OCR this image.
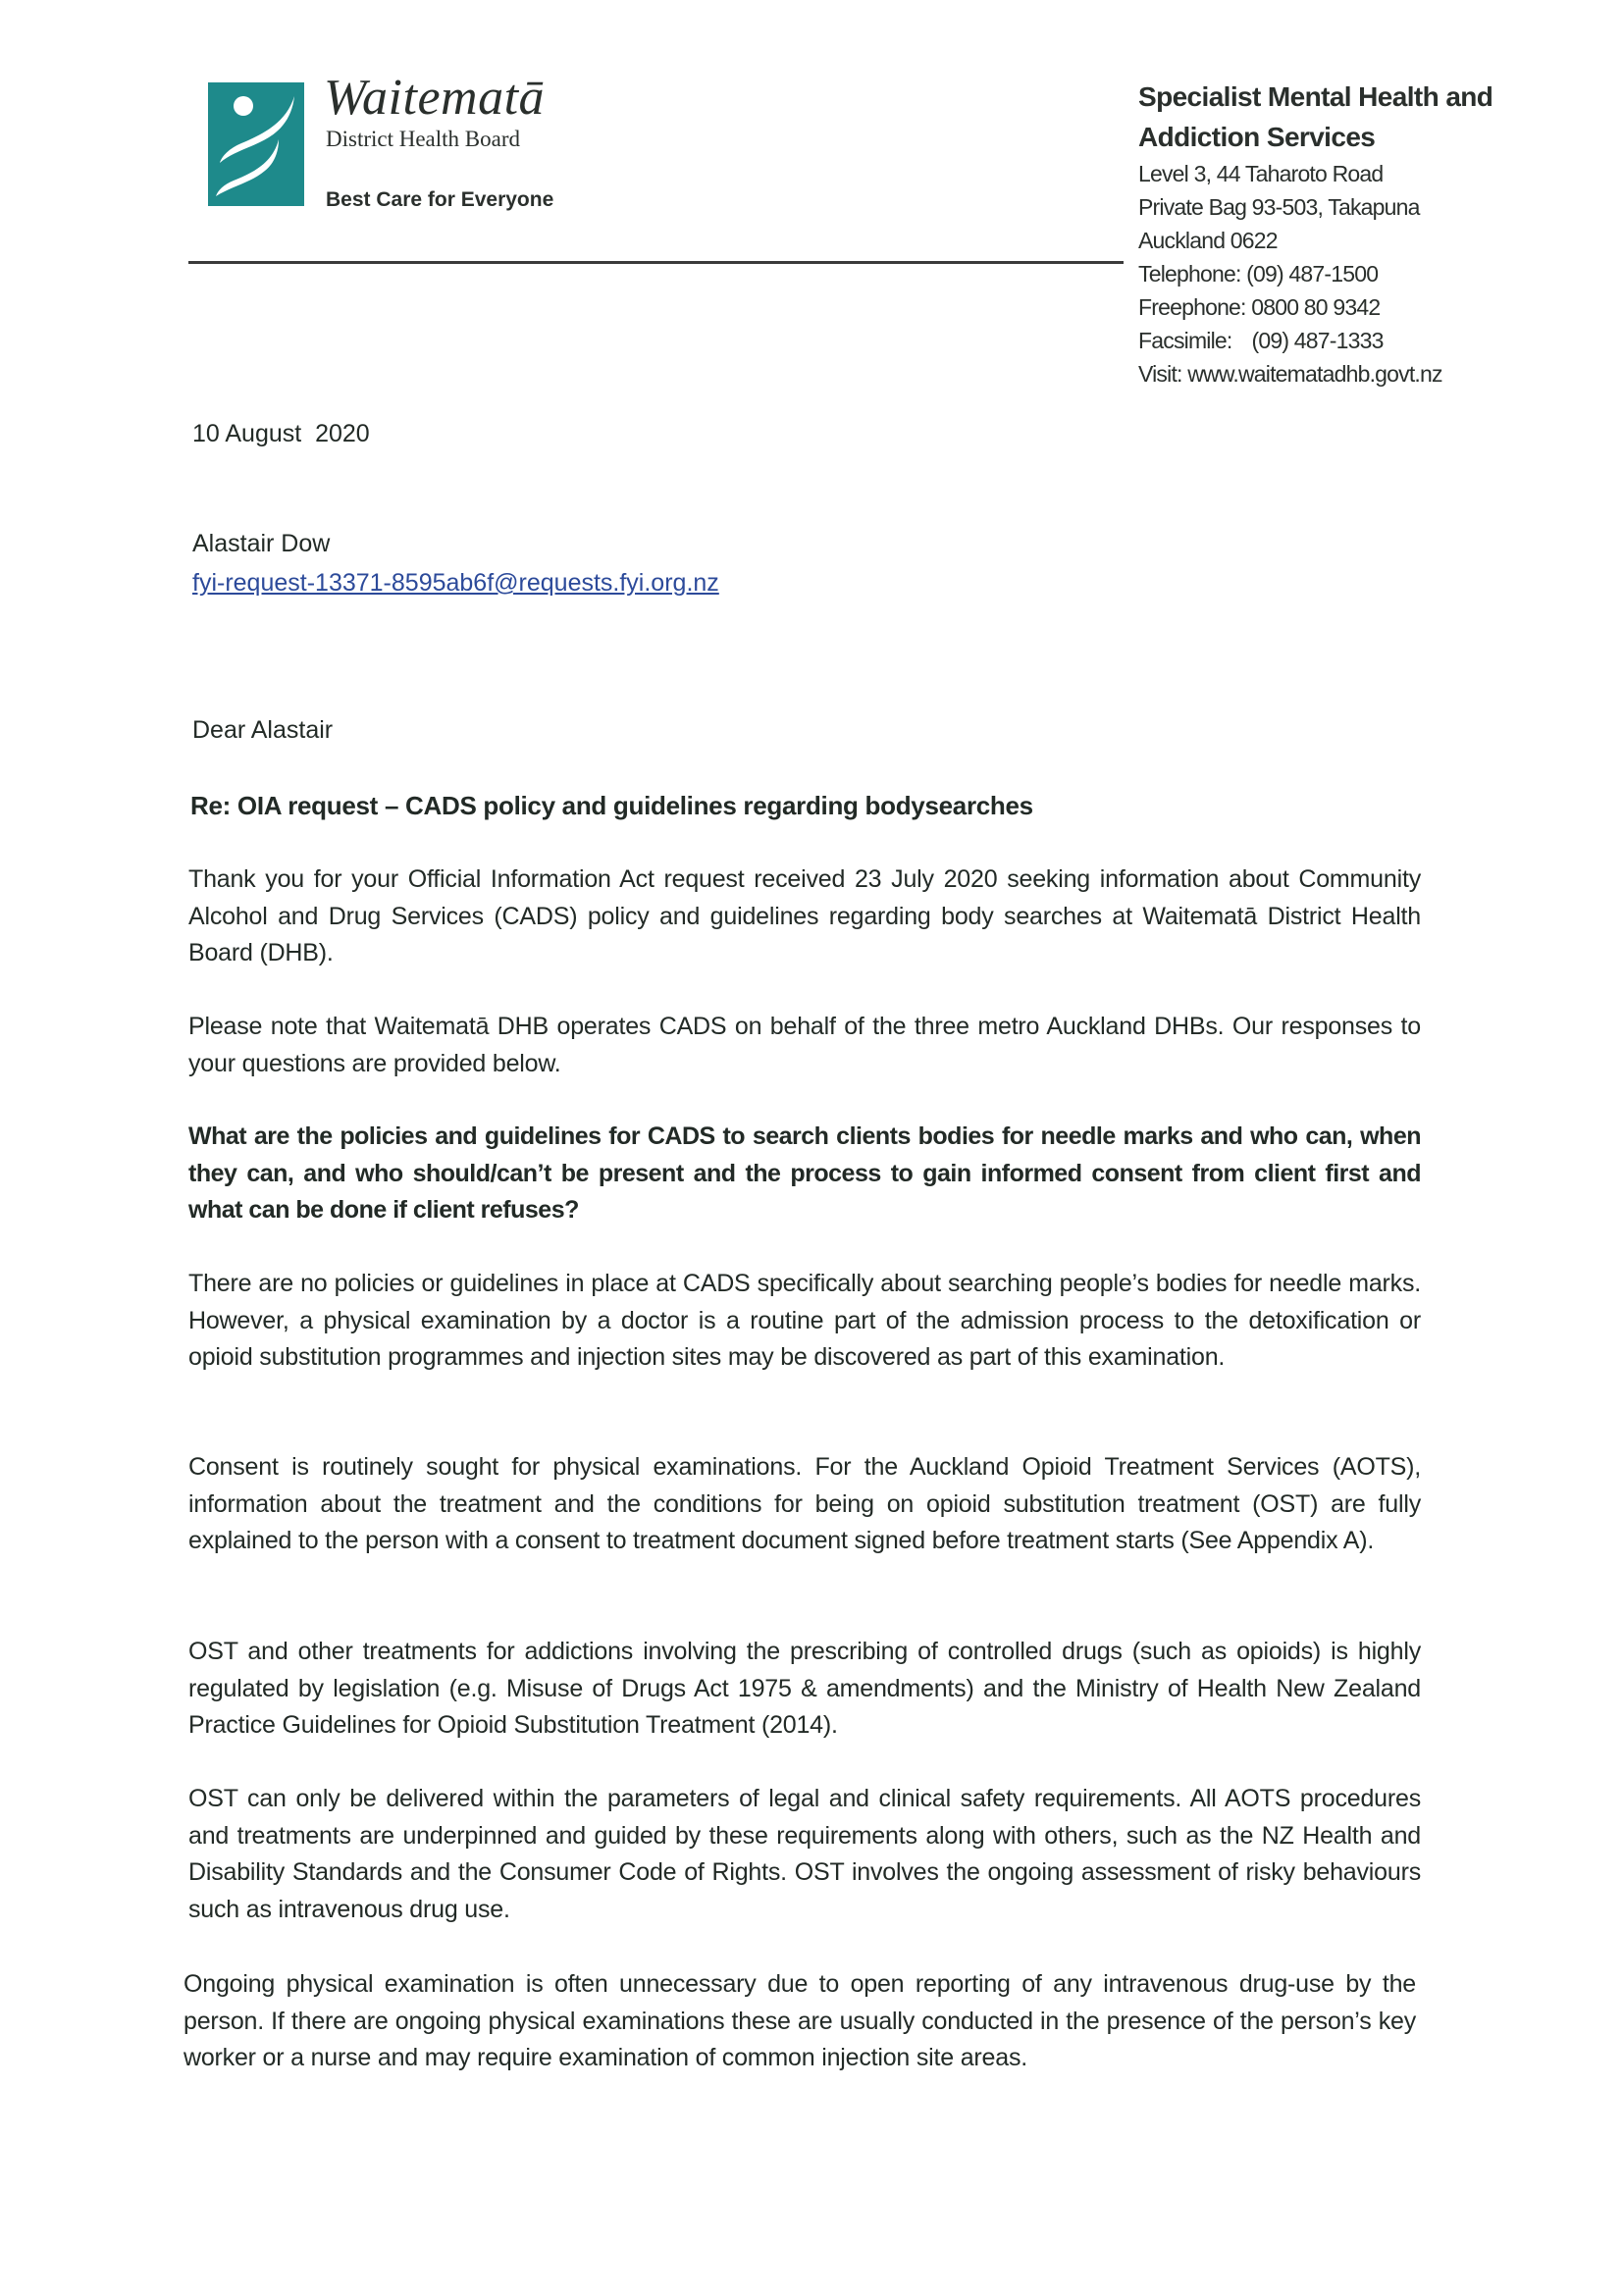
Waitematā
District Health Board
Best Care for Everyone
Specialist Mental Health and
Addiction Services
Level 3, 44 Taharoto Road
Private Bag 93-503, Takapuna
Auckland 0622
Telephone: (09) 487-1500
Freephone: 0800 80 9342
Facsimile: (09) 487-1333
Visit: www.waitematadhb.govt.nz
10 August  2020
Alastair Dow
fyi-request-13371-8595ab6f@requests.fyi.org.nz
Dear Alastair
Re: OIA request – CADS policy and guidelines regarding bodysearches

Thank you for your Official Information Act request received 23 July 2020 seeking information about Community Alcohol and Drug Services (CADS) policy and guidelines regarding body searches at Waitematā District Health Board (DHB).

Please note that Waitematā DHB operates CADS on behalf of the three metro Auckland DHBs. Our responses to your questions are provided below.

What are the policies and guidelines for CADS to search clients bodies for needle marks and who can, when they can, and who should/can’t be present and the process to gain informed consent from client first and what can be done if client refuses?

There are no policies or guidelines in place at CADS specifically about searching people’s bodies for needle marks. However, a physical examination by a doctor is a routine part of the admission process to the detoxification or opioid substitution programmes and injection sites may be discovered as part of this examination.

Consent is routinely sought for physical examinations. For the Auckland Opioid Treatment Services (AOTS), information about the treatment and the conditions for being on opioid substitution treatment (OST) are fully explained to the person with a consent to treatment document signed before treatment starts (See Appendix A).

OST and other treatments for addictions involving the prescribing of controlled drugs (such as opioids) is highly regulated by legislation (e.g. Misuse of Drugs Act 1975 & amendments) and the Ministry of Health New Zealand Practice Guidelines for Opioid Substitution Treatment (2014).

OST can only be delivered within the parameters of legal and clinical safety requirements. All AOTS procedures and treatments are underpinned and guided by these requirements along with others, such as the NZ Health and Disability Standards and the Consumer Code of Rights. OST involves the ongoing assessment of risky behaviours such as intravenous drug use.

Ongoing physical examination is often unnecessary due to open reporting of any intravenous drug-use by the person. If there are ongoing physical examinations these are usually conducted in the presence of the person’s key worker or a nurse and may require examination of common injection site areas.
